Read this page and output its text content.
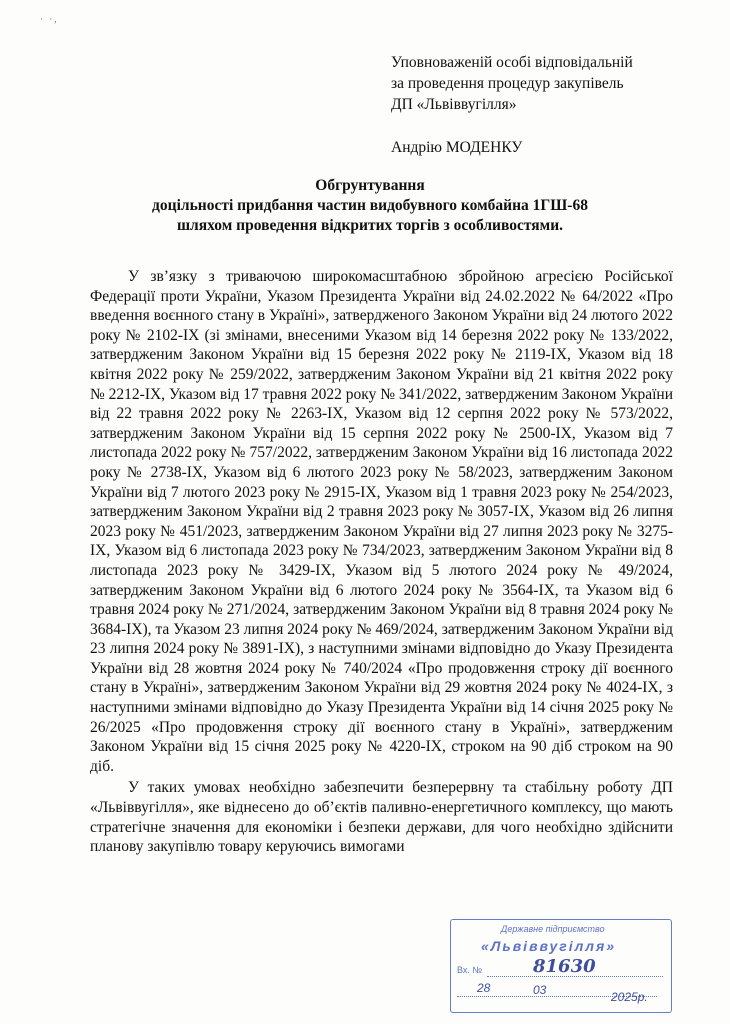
· ·,
Уповноваженій особі відповідальній
за проведення процедур закупівель
ДП «Львіввугілля»
Андрію МОДЕНКУ
Обгрунтування
доцільності придбання частин видобувного комбайна 1ГШ-68
шляхом проведення відкритих торгів з особливостями.

У зв’язку з триваючою широкомасштабною збройною агресією Російської Федерації проти України, Указом Президента України від 24.02.2022 № 64/2022 «Про введення воєнного стану в Україні», затвердженого Законом України від 24 лютого 2022 року № 2102-IX (зі змінами, внесеними Указом від 14 березня 2022 року № 133/2022, затвердженим Законом України від 15 березня 2022 року № 2119-IX, Указом від 18 квітня 2022 року № 259/2022, затвердженим Законом України від 21 квітня 2022 року № 2212-IX, Указом від 17 травня 2022 року № 341/2022, затвердженим Законом України від 22 травня 2022 року № 2263-IX, Указом від 12 серпня 2022 року № 573/2022, затвердженим Законом України від 15 серпня 2022 року № 2500-IX, Указом від 7 листопада 2022 року № 757/2022, затвердженим Законом України від 16 листопада 2022 року № 2738-IX, Указом від 6 лютого 2023 року № 58/2023, затвердженим Законом України від 7 лютого 2023 року № 2915-IX, Указом від 1 травня 2023 року № 254/2023, затвердженим Законом України від 2 травня 2023 року № 3057-IX, Указом від 26 липня 2023 року № 451/2023, затвердженим Законом України від 27 липня 2023 року № 3275-IX, Указом від 6 листопада 2023 року № 734/2023, затвердженим Законом України від 8 листопада 2023 року № 3429-IX, Указом від 5 лютого 2024 року № 49/2024, затвердженим Законом України від 6 лютого 2024 року № 3564-IX, та Указом від 6 травня 2024 року № 271/2024, затвердженим Законом України від 8 травня 2024 року № 3684-IX), та Указом 23 липня 2024 року № 469/2024, затвердженим Законом України від 23 липня 2024 року № 3891-IX), з наступними змінами відповідно до Указу Президента України від 28 жовтня 2024 року № 740/2024 «Про продовження строку дії воєнного стану в Україні», затвердженим Законом України від 29 жовтня 2024 року № 4024-IX, з наступними змінами відповідно до Указу Президента України від 14 січня 2025 року № 26/2025 «Про продовження строку дії воєнного стану в Україні», затвердженим Законом України від 15 січня 2025 року № 4220-IX, строком на 90 діб строком на 90 діб.

У таких умовах необхідно забезпечити безперервну та стабільну роботу ДП «Львіввугілля», яке віднесено до об’єктів паливно-енергетичного комплексу, що мають стратегічне значення для економіки і безпеки держави, для чого необхідно здійснити планову закупівлю товару керуючись вимогами

Державне підприємство
«Львіввугілля»
Вх. №	81630
28	03	2025р.
